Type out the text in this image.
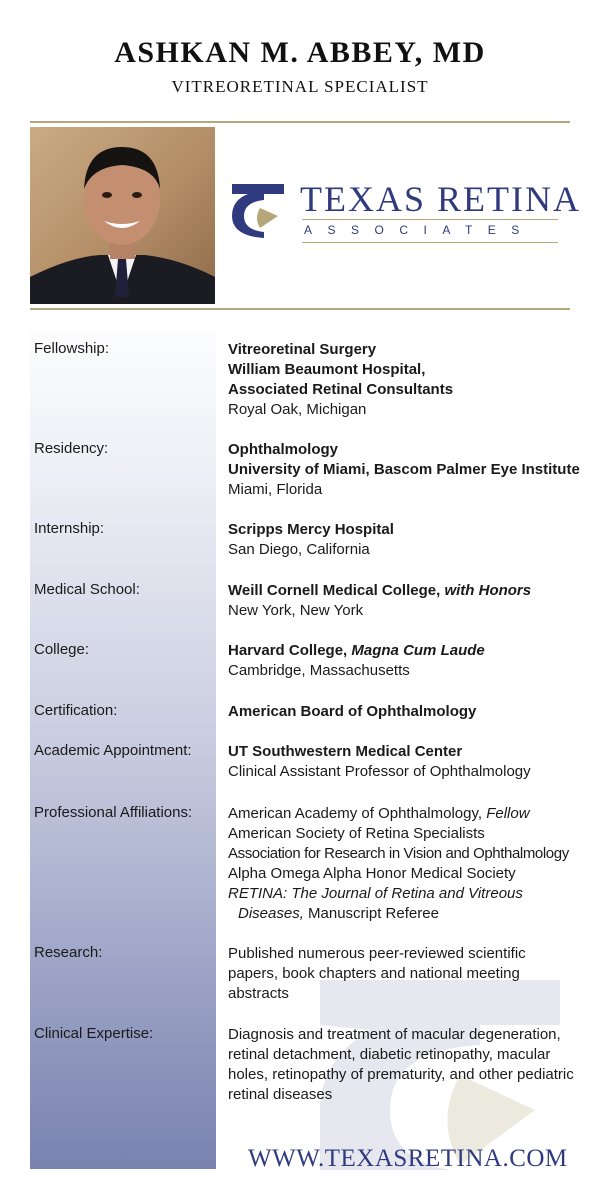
ASHKAN M. ABBEY, MD
VITREORETINAL SPECIALIST
TEXAS RETINA
ASSOCIATES
Fellowship:	Vitreoretinal Surgery
William Beaumont Hospital,
Associated Retinal Consultants
Royal Oak, Michigan
Residency:	Ophthalmology
University of Miami, Bascom Palmer Eye Institute
Miami, Florida
Internship:	Scripps Mercy Hospital
San Diego, California
Medical School:	Weill Cornell Medical College, with Honors
New York, New York
College:	Harvard College, Magna Cum Laude
Cambridge, Massachusetts
Certification:	American Board of Ophthalmology
Academic Appointment:	UT Southwestern Medical Center
Clinical Assistant Professor of Ophthalmology
Professional Affiliations:	American Academy of Ophthalmology, Fellow
American Society of Retina Specialists
Association for Research in Vision and Ophthalmology
Alpha Omega Alpha Honor Medical Society
RETINA: The Journal of Retina and Vitreous
Diseases, Manuscript Referee
Research:	Published numerous peer-reviewed scientific
papers, book chapters and national meeting
abstracts
Clinical Expertise:	Diagnosis and treatment of macular degeneration,
retinal detachment, diabetic retinopathy, macular
holes, retinopathy of prematurity, and other pediatric
retinal diseases
WWW.TEXASRETINA.COM
